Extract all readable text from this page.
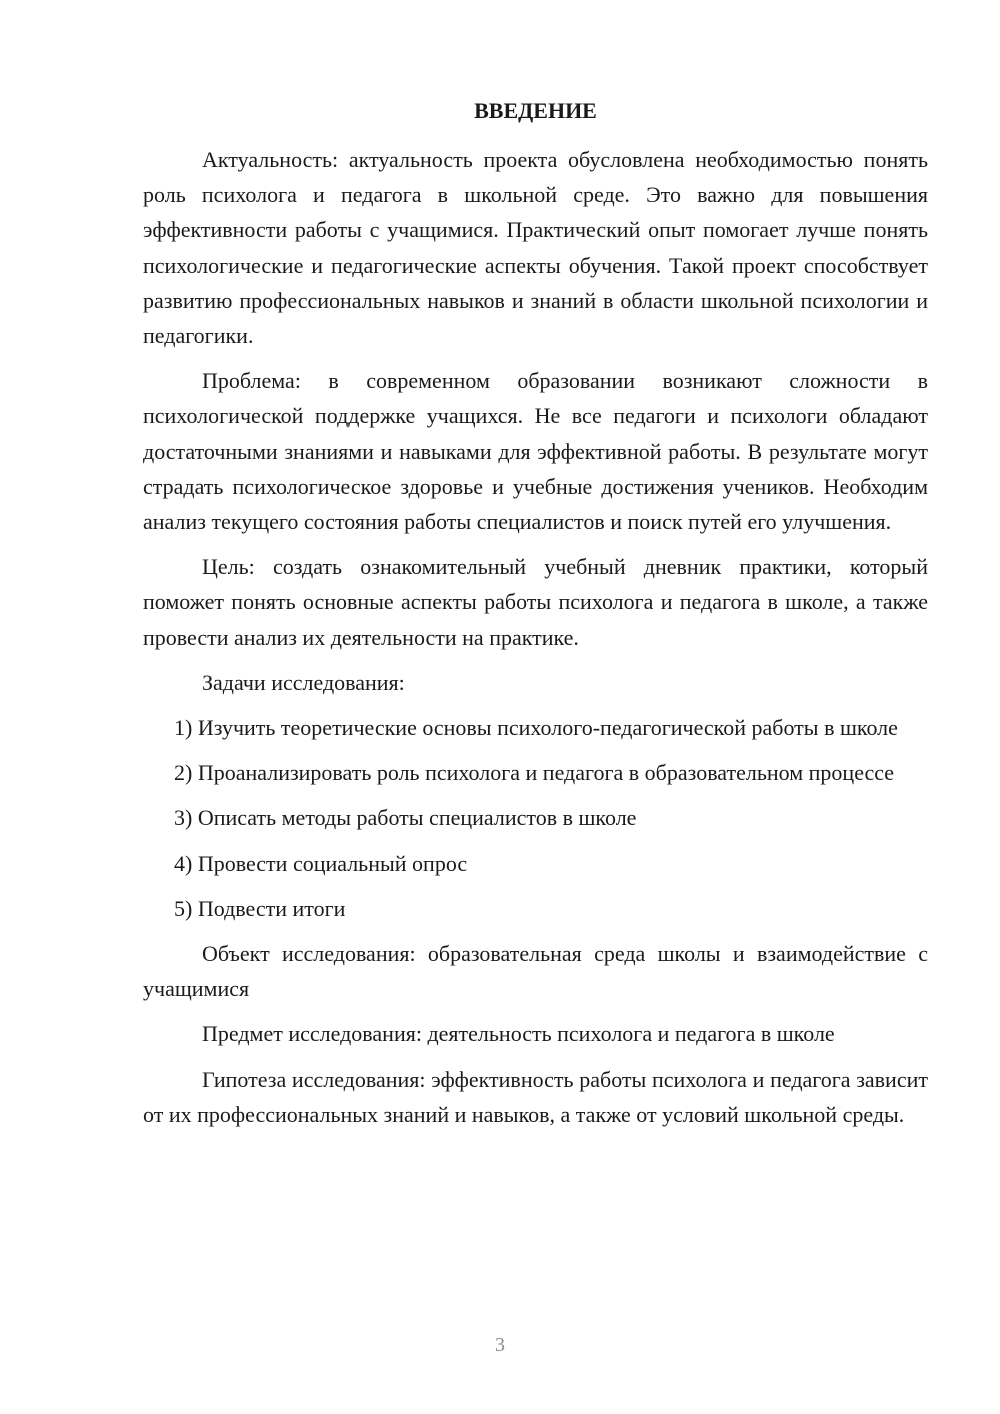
ВВЕДЕНИЕ

Актуальность: актуальность проекта обусловлена необходимостью понять роль психолога и педагога в школьной среде. Это важно для повышения эффективности работы с учащимися. Практический опыт помогает лучше понять психологические и педагогические аспекты обучения. Такой проект способствует развитию профессиональных навыков и знаний в области школьной психологии и педагогики.

Проблема: в современном образовании возникают сложности в психологической поддержке учащихся. Не все педагоги и психологи обладают достаточными знаниями и навыками для эффективной работы. В результате могут страдать психологическое здоровье и учебные достижения учеников. Необходим анализ текущего состояния работы специалистов и поиск путей его улучшения.

Цель: создать ознакомительный учебный дневник практики, который поможет понять основные аспекты работы психолога и педагога в школе, а также провести анализ их деятельности на практике.

Задачи исследования:

1) Изучить теоретические основы психолого-педагогической работы в школе

2) Проанализировать роль психолога и педагога в образовательном процессе

3) Описать методы работы специалистов в школе

4) Провести социальный опрос

5) Подвести итоги

Объект исследования: образовательная среда школы и взаимодействие с учащимися

Предмет исследования: деятельность психолога и педагога в школе

Гипотеза исследования: эффективность работы психолога и педагога зависит от их профессиональных знаний и навыков, а также от условий школьной среды.

3
